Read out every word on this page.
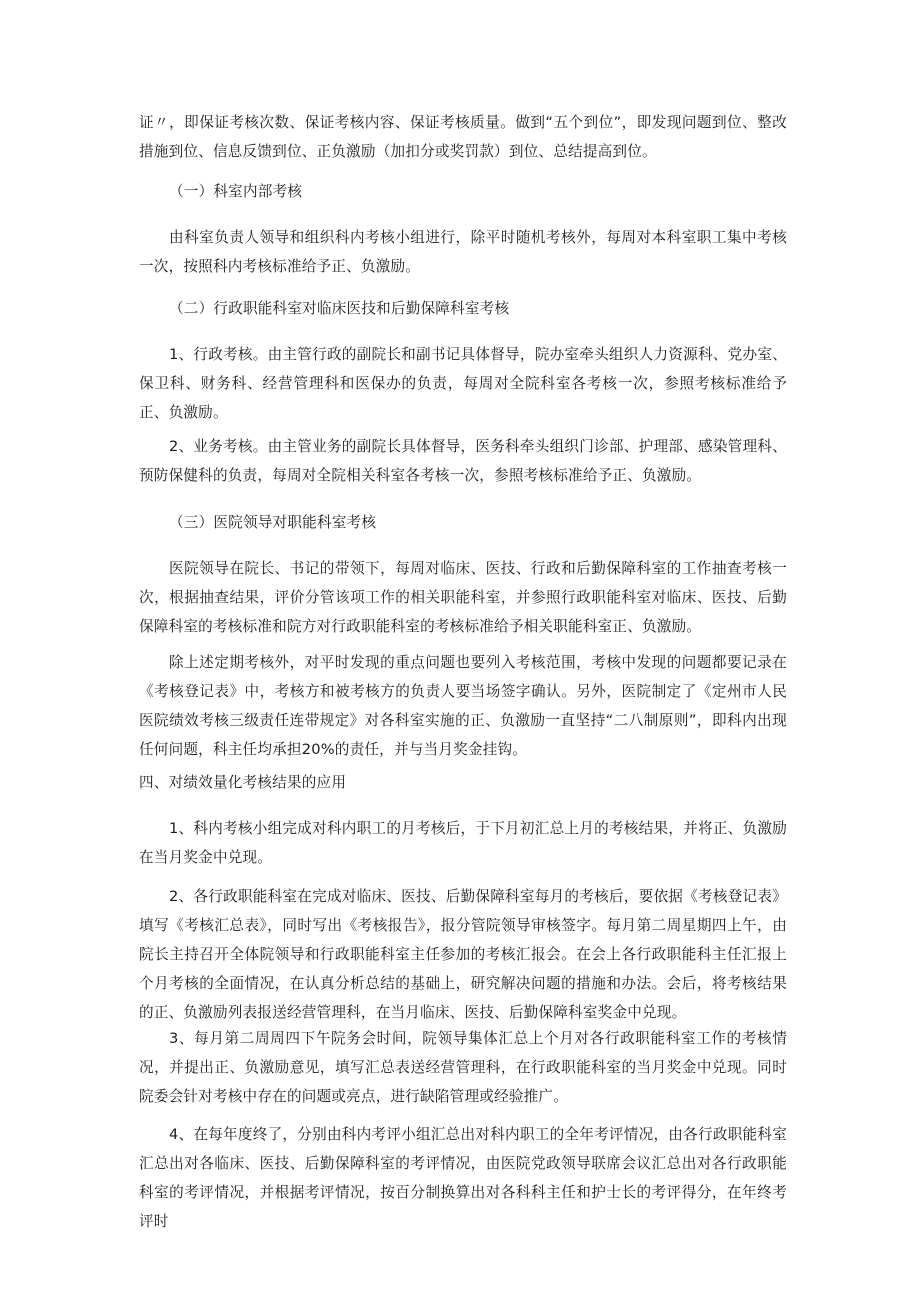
证〃，即保证考核次数、保证考核内容、保证考核质量。做到“五个到位”，即发现问题到位、整改措施到位、信息反馈到位、正负激励（加扣分或奖罚款）到位、总结提高到位。

（一）科室内部考核

由科室负责人领导和组织科内考核小组进行，除平时随机考核外，每周对本科室职工集中考核一次，按照科内考核标准给予正、负激励。

（二）行政职能科室对临床医技和后勤保障科室考核

1、行政考核。由主管行政的副院长和副书记具体督导，院办室牵头组织人力资源科、党办室、保卫科、财务科、经营管理科和医保办的负责，每周对全院科室各考核一次，参照考核标准给予正、负激励。

2、业务考核。由主管业务的副院长具体督导，医务科牵头组织门诊部、护理部、感染管理科、预防保健科的负责，每周对全院相关科室各考核一次，参照考核标准给予正、负激励。

（三）医院领导对职能科室考核

医院领导在院长、书记的带领下，每周对临床、医技、行政和后勤保障科室的工作抽查考核一次，根据抽查结果，评价分管该项工作的相关职能科室，并参照行政职能科室对临床、医技、后勤保障科室的考核标准和院方对行政职能科室的考核标准给予相关职能科室正、负激励。

除上述定期考核外，对平时发现的重点问题也要列入考核范围，考核中发现的问题都要记录在《考核登记表》中，考核方和被考核方的负责人要当场签字确认。另外，医院制定了《定州市人民医院绩效考核三级责任连带规定》对各科室实施的正、负激励一直坚持“二八制原则”，即科内出现任何问题，科主任均承担20%的责任，并与当月奖金挂钩。

四、对绩效量化考核结果的应用

1、科内考核小组完成对科内职工的月考核后，于下月初汇总上月的考核结果，并将正、负激励在当月奖金中兑现。

2、各行政职能科室在完成对临床、医技、后勤保障科室每月的考核后，要依据《考核登记表》填写《考核汇总表》，同时写出《考核报告》，报分管院领导审核签字。每月第二周星期四上午，由院长主持召开全体院领导和行政职能科室主任参加的考核汇报会。在会上各行政职能科主任汇报上个月考核的全面情况，在认真分析总结的基础上，研究解决问题的措施和办法。会后，将考核结果的正、负激励列表报送经营管理科，在当月临床、医技、后勤保障科室奖金中兑现。

3、每月第二周周四下午院务会时间，院领导集体汇总上个月对各行政职能科室工作的考核情况，并提出正、负激励意见，填写汇总表送经营管理科，在行政职能科室的当月奖金中兑现。同时院委会针对考核中存在的问题或亮点，进行缺陷管理或经验推广。

4、在每年度终了，分别由科内考评小组汇总出对科内职工的全年考评情况，由各行政职能科室汇总出对各临床、医技、后勤保障科室的考评情况，由医院党政领导联席会议汇总出对各行政职能科室的考评情况，并根据考评情况，按百分制换算出对各科科主任和护士长的考评得分，在年终考评时
